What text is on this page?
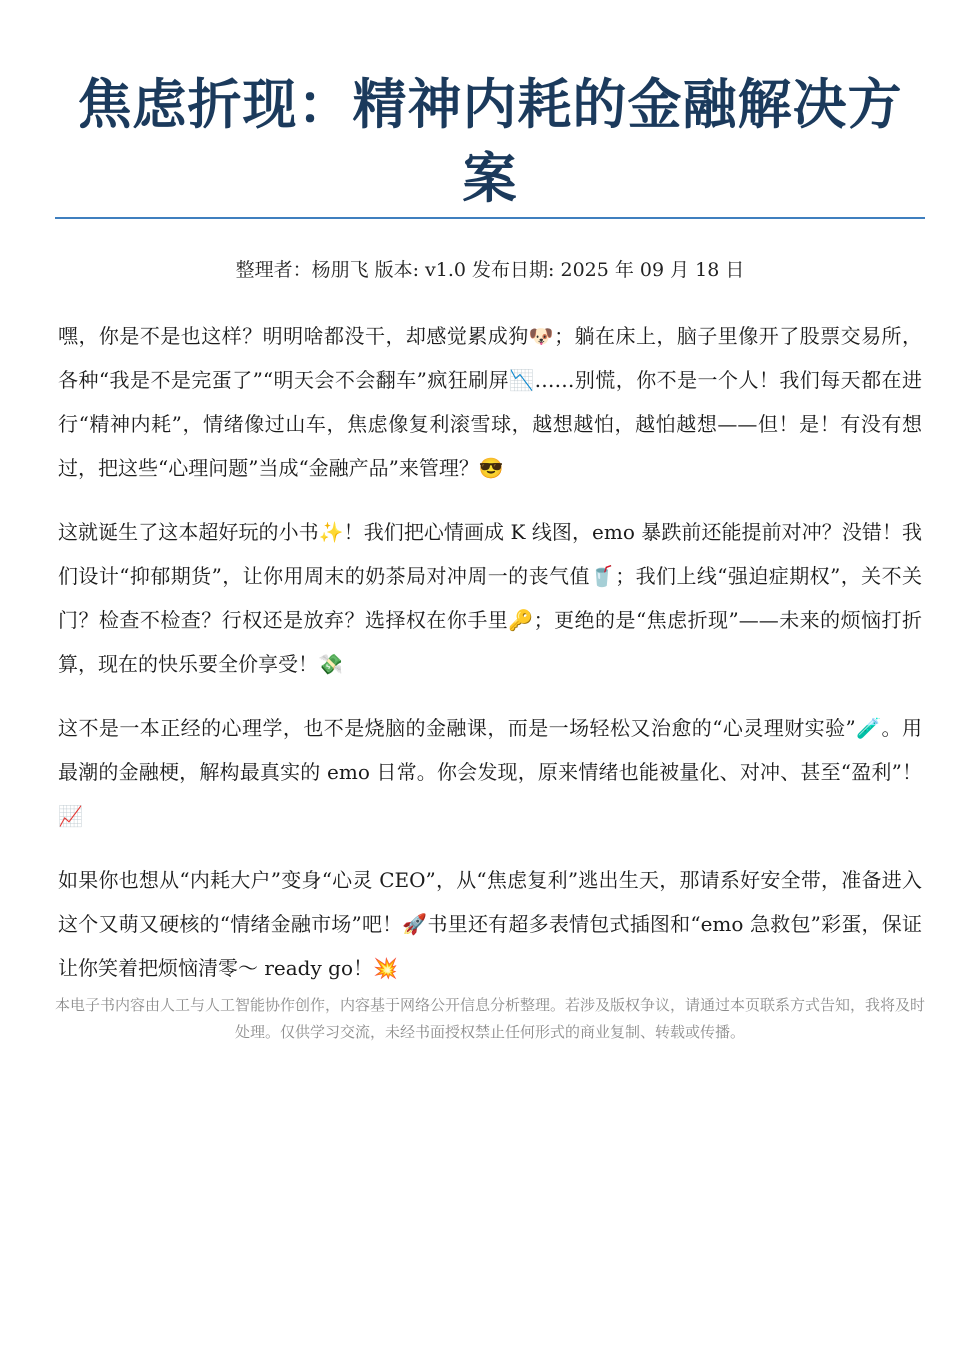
焦虑折现：精神内耗的金融解决方案
整理者：杨朋飞 版本: v1.0 发布日期: 2025 年 09 月 18 日

嘿，你是不是也这样？明明啥都没干，却感觉累成狗🐶；躺在床上，脑子里像开了股票交易所，各种“我是不是完蛋了”“明天会不会翻车”疯狂刷屏📉……别慌，你不是一个人！我们每天都在进行“精神内耗”，情绪像过山车，焦虑像复利滚雪球，越想越怕，越怕越想——但！是！有没有想过，把这些“心理问题”当成“金融产品”来管理？😎

这就诞生了这本超好玩的小书✨！我们把心情画成 K 线图，emo 暴跌前还能提前对冲？没错！我们设计“抑郁期货”，让你用周末的奶茶局对冲周一的丧气值🥤；我们上线“强迫症期权”，关不关门？检查不检查？行权还是放弃？选择权在你手里🔑；更绝的是“焦虑折现”——未来的烦恼打折算，现在的快乐要全价享受！💸

这不是一本正经的心理学，也不是烧脑的金融课，而是一场轻松又治愈的“心灵理财实验”🧪。用最潮的金融梗，解构最真实的 emo 日常。你会发现，原来情绪也能被量化、对冲、甚至“盈利”！📈

如果你也想从“内耗大户”变身“心灵 CEO”，从“焦虑复利”逃出生天，那请系好安全带，准备进入这个又萌又硬核的“情绪金融市场”吧！🚀书里还有超多表情包式插图和“emo 急救包”彩蛋，保证让你笑着把烦恼清零～ ready go！💥

本电子书内容由人工与人工智能协作创作，内容基于网络公开信息分析整理。若涉及版权争议，请通过本页联系方式告知，我将及时处理。仅供学习交流，未经书面授权禁止任何形式的商业复制、转载或传播。
